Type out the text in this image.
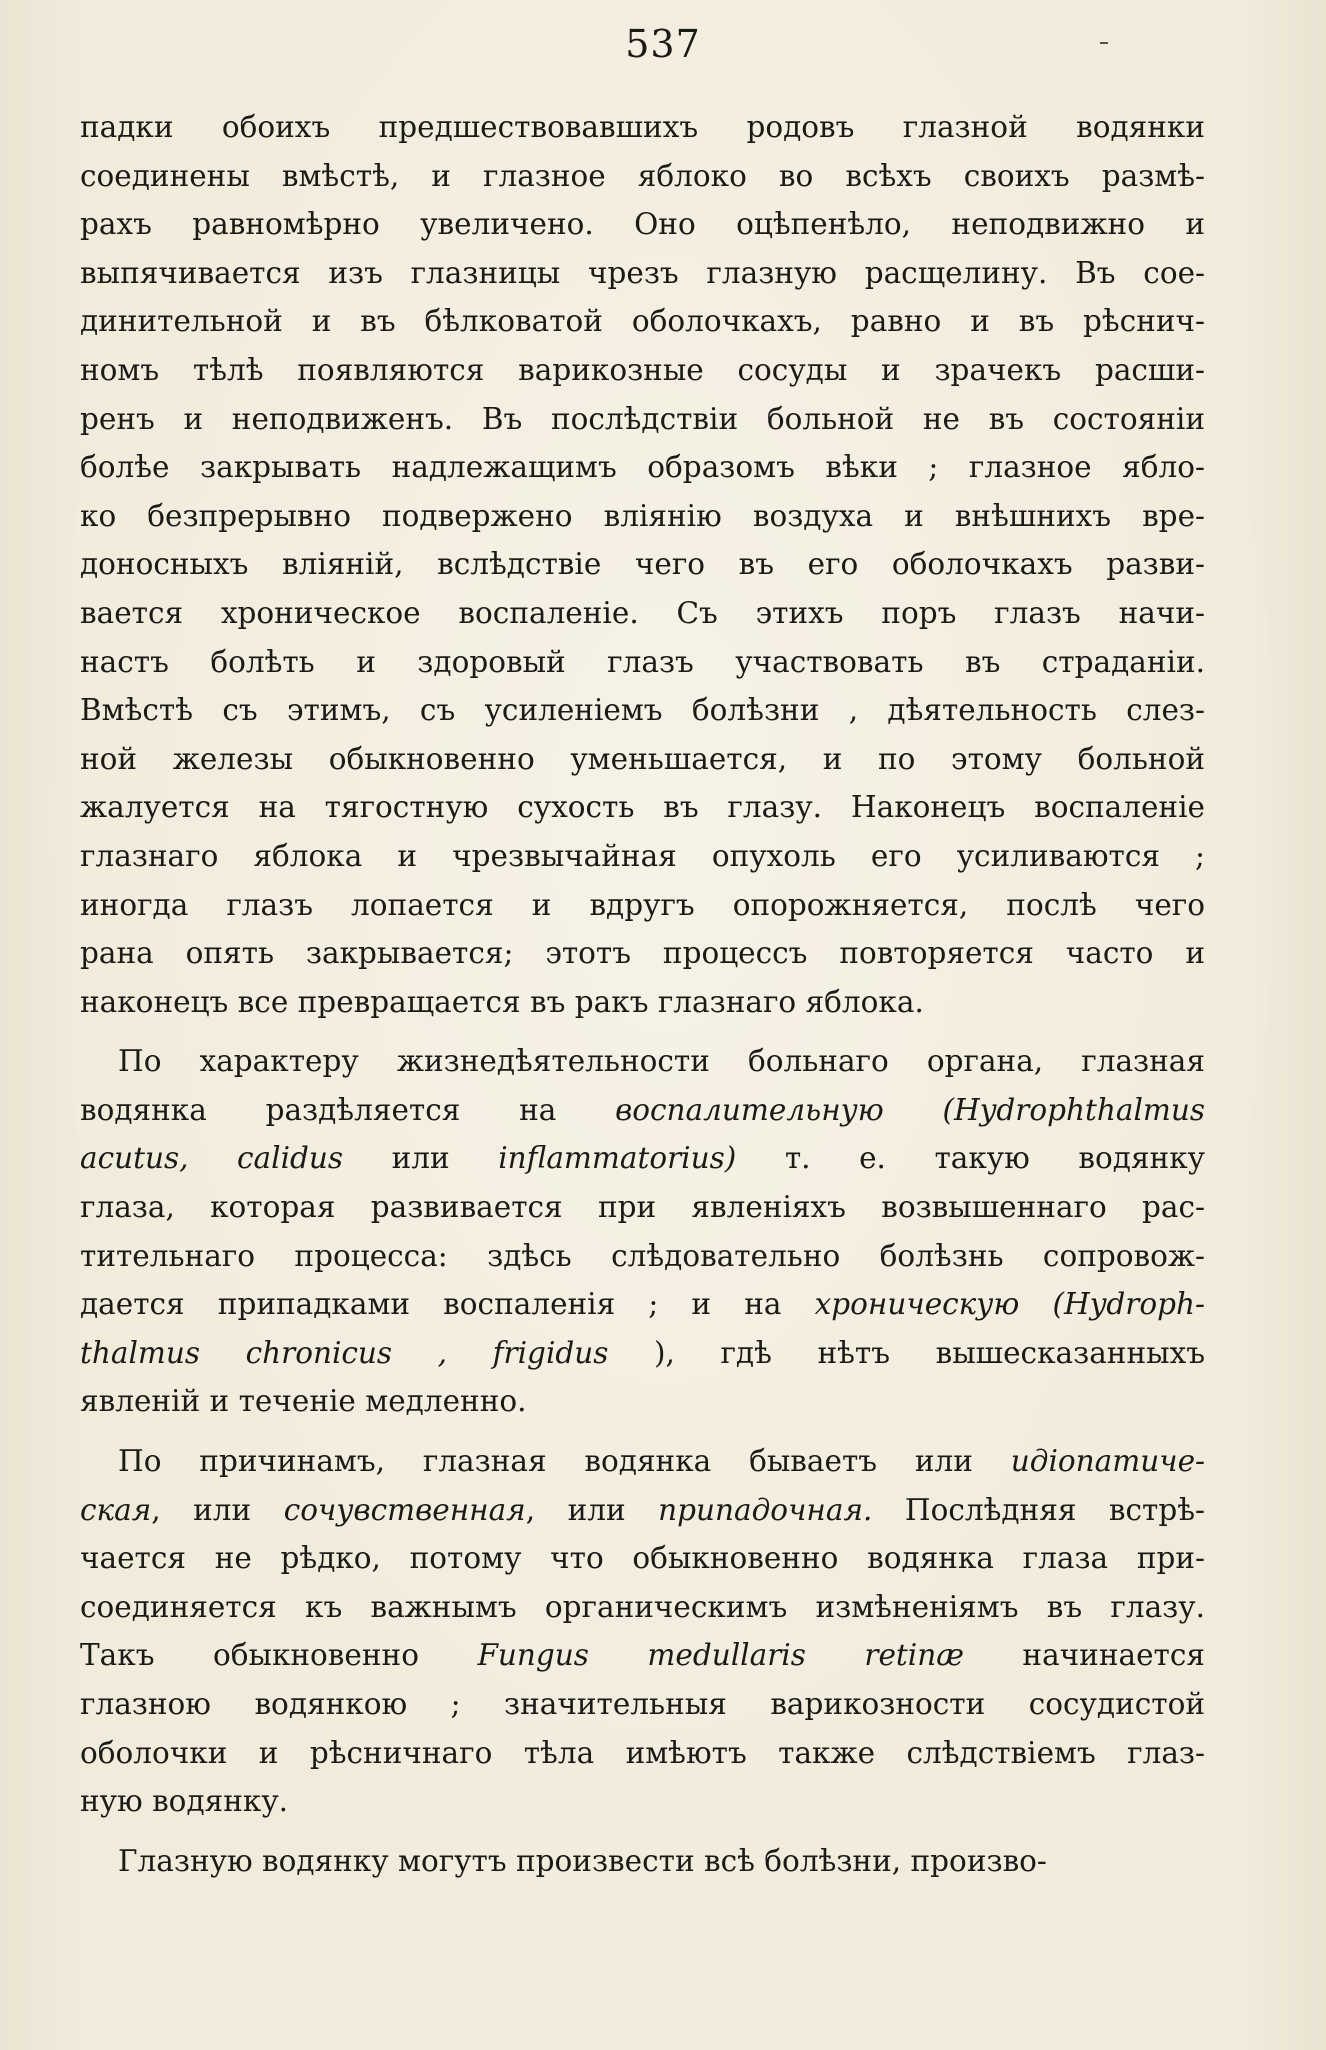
537
падки обоихъ предшествовавшихъ родовъ глазной водянки
соединены вмѣстѣ, и глазное яблоко во всѣхъ своихъ размѣ-
рахъ равномѣрно увеличено. Оно оцѣпенѣло, неподвижно и
выпячивается изъ глазницы чрезъ глазную расщелину. Въ сое-
динительной и въ бѣлковатой оболочкахъ, равно и въ рѣснич-
номъ тѣлѣ появляются варикозные сосуды и зрачекъ расши-
ренъ и неподвиженъ. Въ послѣдствіи больной не въ состояніи
болѣе закрывать надлежащимъ образомъ вѣки ; глазное ябло-
ко безпрерывно подвержено вліянію воздуха и внѣшнихъ вре-
доносныхъ вліяній, вслѣдствіе чего въ его оболочкахъ разви-
вается хроническое воспаленіе. Съ этихъ поръ глазъ начи-
настъ болѣть и здоровый глазъ участвовать въ страданіи.
Вмѣстѣ съ этимъ, съ усиленіемъ болѣзни , дѣятельность слез-
ной железы обыкновенно уменьшается, и по этому больной
жалуется на тягостную сухость въ глазу. Наконецъ воспаленіе
глазнаго яблока и чрезвычайная опухоль его усиливаются ;
иногда глазъ лопается и вдругъ опорожняется, послѣ чего
рана опять закрывается; этотъ процессъ повторяется часто и
наконецъ все превращается въ ракъ глазнаго яблока.
По характеру жизнедѣятельности больнаго органа, глазная
водянка раздѣляется на воспалительную (Hydrophthalmus
acutus, calidus или inflammatorius) т. е. такую водянку
глаза, которая развивается при явленіяхъ возвышеннаго рас-
тительнаго процесса: здѣсь слѣдовательно болѣзнь сопровож-
дается припадками воспаленія ; и на хроническую (Hydroph-
thalmus chronicus , frigidus ), гдѣ нѣтъ вышесказанныхъ
явленій и теченіе медленно.
По причинамъ, глазная водянка бываетъ или идіопатиче-
ская, или сочувственная, или припадочная. Послѣдняя встрѣ-
чается не рѣдко, потому что обыкновенно водянка глаза при-
соединяется къ важнымъ органическимъ измѣненіямъ въ глазу.
Такъ обыкновенно Fungus medullaris retinæ начинается
глазною водянкою ; значительныя варикозности сосудистой
оболочки и рѣсничнаго тѣла имѣютъ также слѣдствіемъ глаз-
ную водянку.
Глазную водянку могутъ произвести всѣ болѣзни, произво-
